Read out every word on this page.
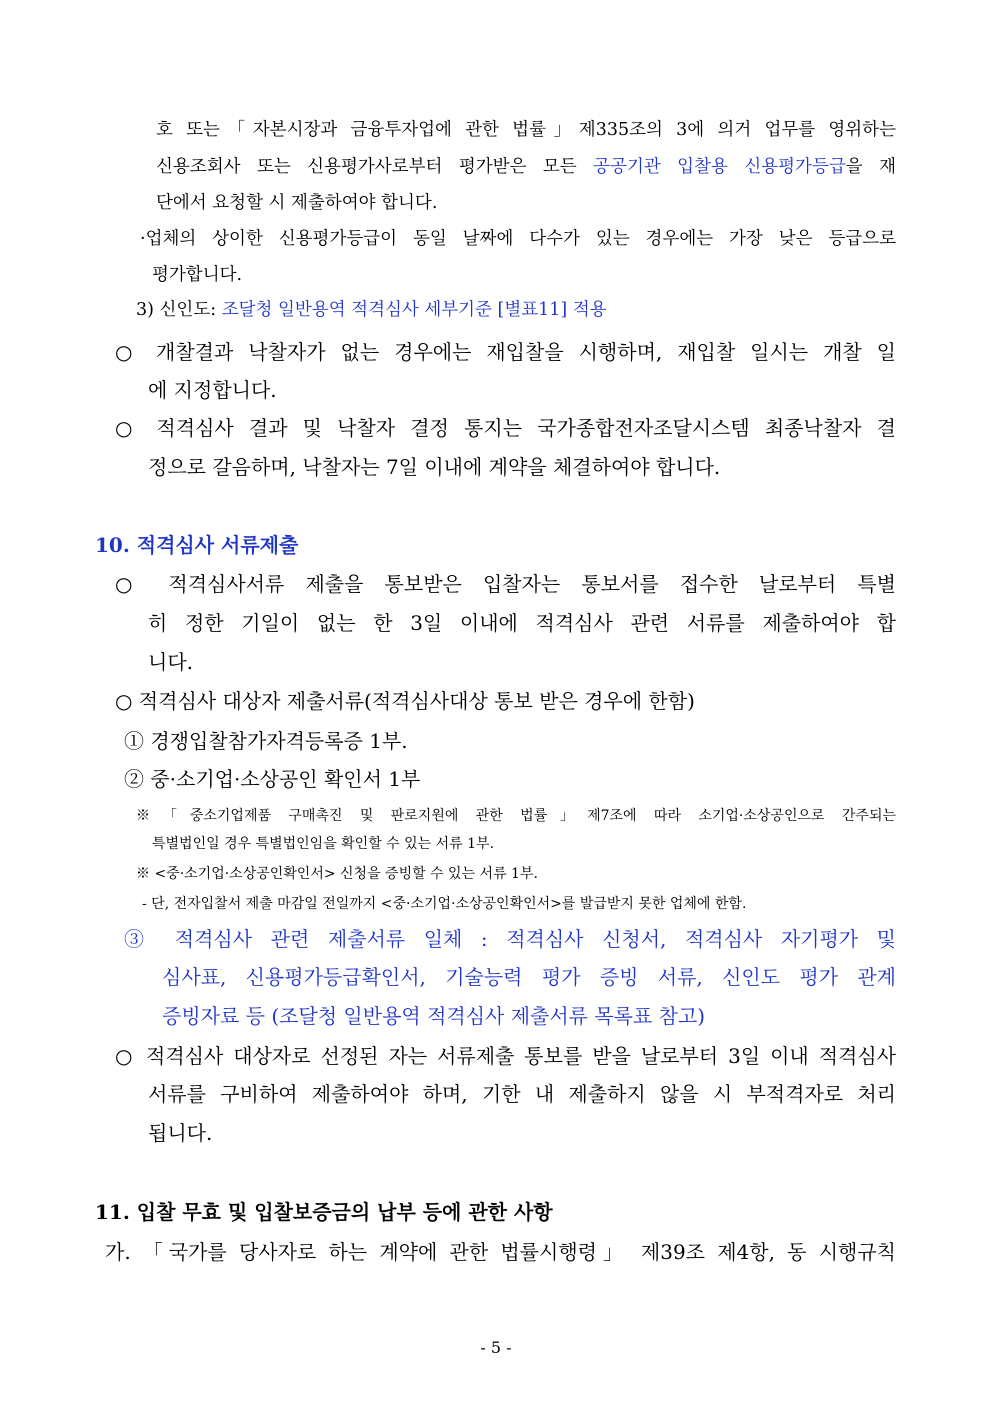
호 또는「자본시장과 금융투자업에 관한 법률」제335조의 3에 의거 업무를 영위하는

신용조회사 또는 신용평가사로부터 평가받은 모든 공공기관 입찰용 신용평가등급을 재

단에서 요청할 시 제출하여야 합니다.

·업체의 상이한 신용평가등급이 동일 날짜에 다수가 있는 경우에는 가장 낮은 등급으로

평가합니다.

3) 신인도: 조달청 일반용역 적격심사 세부기준 [별표11] 적용

○ 개찰결과 낙찰자가 없는 경우에는 재입찰을 시행하며, 재입찰 일시는 개찰 일

에 지정합니다.

○ 적격심사 결과 및 낙찰자 결정 통지는 국가종합전자조달시스템 최종낙찰자 결

정으로 갈음하며, 낙찰자는 7일 이내에 계약을 체결하여야 합니다.

10. 적격심사 서류제출

○ 적격심사서류 제출을 통보받은 입찰자는 통보서를 접수한 날로부터 특별

히 정한 기일이 없는 한 3일 이내에 적격심사 관련 서류를 제출하여야 합

니다.

○ 적격심사 대상자 제출서류(적격심사대상 통보 받은 경우에 한함)

① 경쟁입찰참가자격등록증 1부.

② 중·소기업·소상공인 확인서 1부

※「중소기업제품 구매촉진 및 판로지원에 관한 법률」제7조에 따라 소기업·소상공인으로 간주되는

특별법인일 경우 특별법인임을 확인할 수 있는 서류 1부.

※ <중·소기업·소상공인확인서> 신청을 증빙할 수 있는 서류 1부.

- 단, 전자입찰서 제출 마감일 전일까지 <중·소기업·소상공인확인서>를 발급받지 못한 업체에 한함.

③ 적격심사 관련 제출서류 일체 : 적격심사 신청서, 적격심사 자기평가 및

심사표, 신용평가등급확인서, 기술능력 평가 증빙 서류, 신인도 평가 관계

증빙자료 등 (조달청 일반용역 적격심사 제출서류 목록표 참고)

○ 적격심사 대상자로 선정된 자는 서류제출 통보를 받을 날로부터 3일 이내 적격심사

서류를 구비하여 제출하여야 하며, 기한 내 제출하지 않을 시 부적격자로 처리

됩니다.

11. 입찰 무효 및 입찰보증금의 납부 등에 관한 사항

가. 「국가를 당사자로 하는 계약에 관한 법률시행령」 제39조 제4항, 동 시행규칙

- 5 -
